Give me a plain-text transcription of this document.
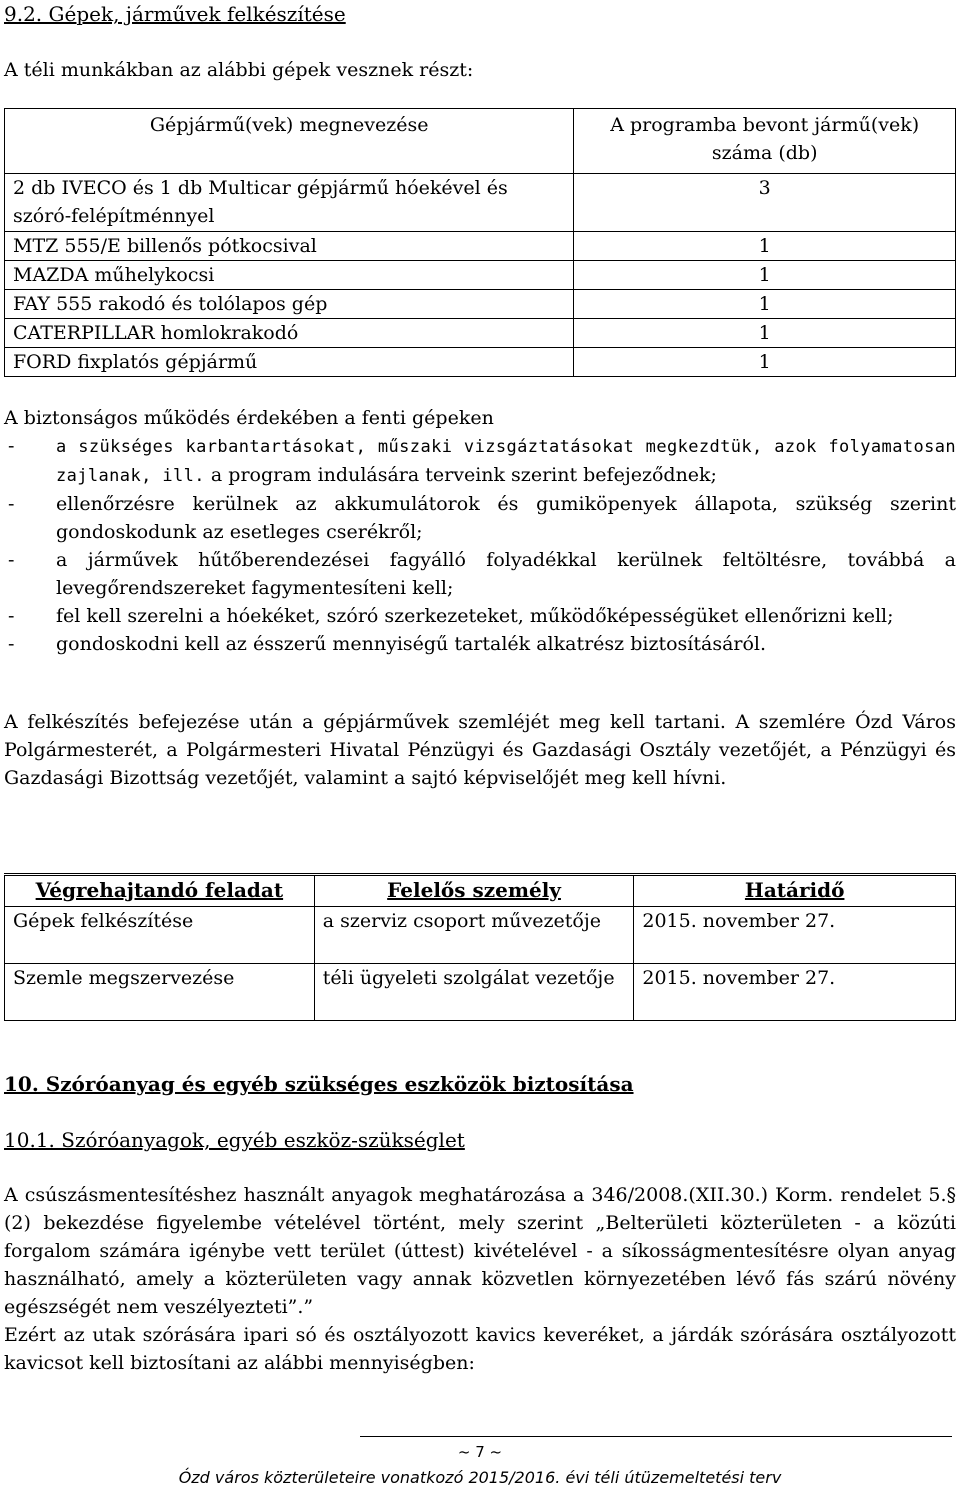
9.2. Gépek, járművek felkészítése
A téli munkákban az alábbi gépek vesznek részt:
Gépjármű(vek) megnevezése	A programba bevont jármű(vek) száma (db)
2 db IVECO és 1 db Multicar gépjármű hóekével és szóró-felépítménnyel	3
MTZ 555/E billenős pótkocsival	1
MAZDA műhelykocsi	1
FAY 555 rakodó és tolólapos gép	1
CATERPILLAR homlokrakodó	1
FORD fixplatós gépjármű	1

A biztonságos működés érdekében a fenti gépeken

-	a szükséges karbantartásokat, műszaki vizsgáztatásokat megkezdtük, azok folyamatosan zajlanak, ill. a program indulására terveink szerint befejeződnek;
-	ellenőrzésre kerülnek az akkumulátorok és gumiköpenyek állapota, szükség szerint gondoskodunk az esetleges cserékről;
-	a járművek hűtőberendezései fagyálló folyadékkal kerülnek feltöltésre, továbbá a levegőrendszereket fagymentesíteni kell;
-	fel kell szerelni a hóekéket, szóró szerkezeteket, működőképességüket ellenőrizni kell;
-	gondoskodni kell az ésszerű mennyiségű tartalék alkatrész biztosításáról.

A felkészítés befejezése után a gépjárművek szemléjét meg kell tartani. A szemlére Ózd Város Polgármesterét, a Polgármesteri Hivatal Pénzügyi és Gazdasági Osztály vezetőjét, a Pénzügyi és Gazdasági Bizottság vezetőjét, valamint a sajtó képviselőjét meg kell hívni.

Végrehajtandó feladat	Felelős személy	Határidő
Gépek felkészítése	a szerviz csoport művezetője	2015. november 27.
Szemle megszervezése	téli ügyeleti szolgálat vezetője	2015. november 27.
10. Szóróanyag és egyéb szükséges eszközök biztosítása
10.1. Szóróanyagok, egyéb eszköz-szükséglet
A csúszásmentesítéshez használt anyagok meghatározása a 346/2008.(XII.30.) Korm. rendelet 5.§ (2) bekezdése figyelembe vételével történt, mely szerint „Belterületi közterületen - a közúti forgalom számára igénybe vett terület (úttest) kivételével - a síkosságmentesítésre olyan anyag használható, amely a közterületen vagy annak közvetlen környezetében lévő fás szárú növény egészségét nem veszélyezteti”.”
Ezért az utak szórására ipari só és osztályozott kavics keveréket, a járdák szórására osztályozott kavicsot kell biztosítani az alábbi mennyiségben:
~ 7 ~
Ózd város közterületeire vonatkozó 2015/2016. évi téli útüzemeltetési terv
